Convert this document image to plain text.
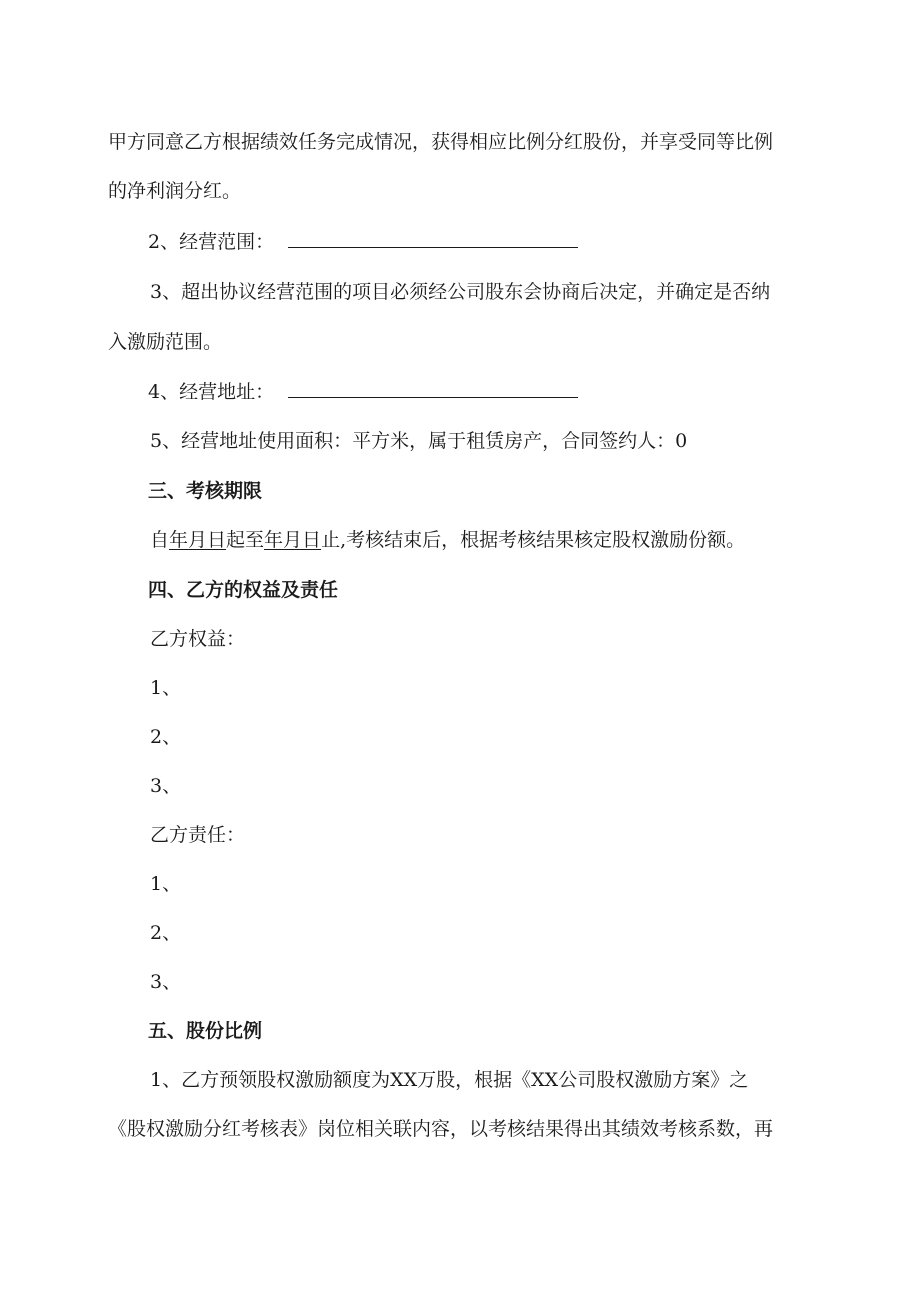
甲方同意乙方根据绩效任务完成情况，获得相应比例分红股份，并享受同等比例
的净利润分红。
2、经营范围：
3、超出协议经营范围的项目必须经公司股东会协商后决定，并确定是否纳
入激励范围。
4、经营地址：
5、经营地址使用面积：平方米，属于租赁房产，合同签约人：0
三、考核期限
自年月日起至年月日止,考核结束后，根据考核结果核定股权激励份额。
四、乙方的权益及责任
乙方权益：
1、
2、
3、
乙方责任：
1、
2、
3、
五、股份比例
1、乙方预领股权激励额度为XX万股，根据《XX公司股权激励方案》之
《股权激励分红考核表》岗位相关联内容，以考核结果得出其绩效考核系数，再
